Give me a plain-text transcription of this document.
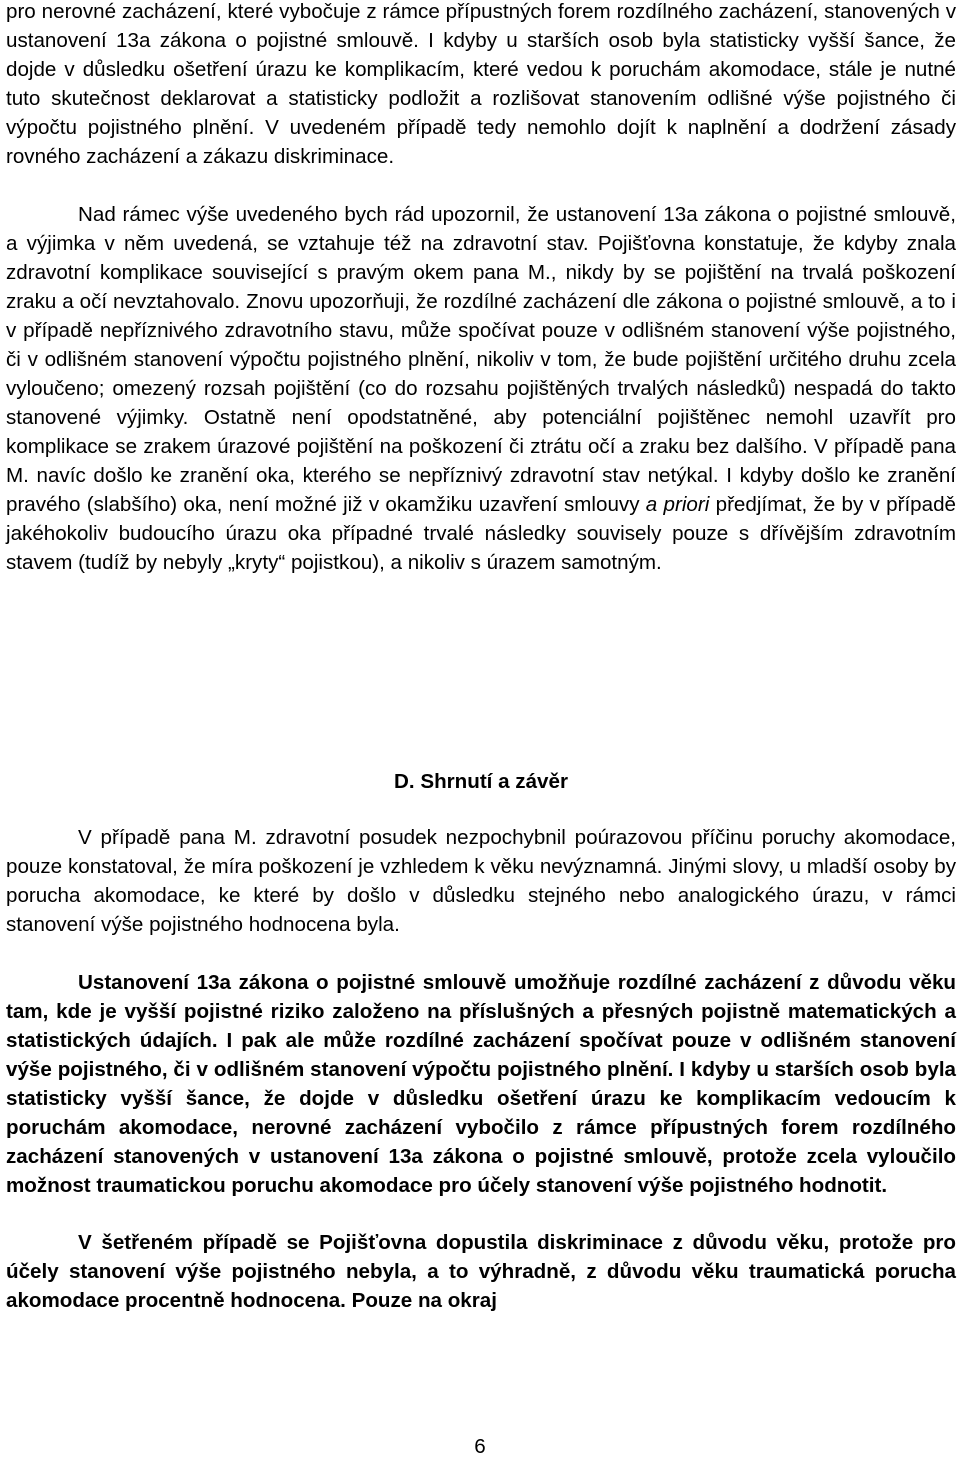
pro nerovné zacházení, které vybočuje z rámce přípustných forem rozdílného zacházení, stanovených v ustanovení 13a zákona o pojistné smlouvě. I kdyby u starších osob byla statisticky vyšší šance, že dojde v důsledku ošetření úrazu ke komplikacím, které vedou k poruchám akomodace, stále je nutné tuto skutečnost deklarovat a statisticky podložit a rozlišovat stanovením odlišné výše pojistného či výpočtu pojistného plnění. V uvedeném případě tedy nemohlo dojít k naplnění a dodržení zásady rovného zacházení a zákazu diskriminace.

Nad rámec výše uvedeného bych rád upozornil, že ustanovení 13a zákona o pojistné smlouvě, a výjimka v něm uvedená, se vztahuje též na zdravotní stav. Pojišťovna konstatuje, že kdyby znala zdravotní komplikace související s pravým okem pana M., nikdy by se pojištění na trvalá poškození zraku a očí nevztahovalo. Znovu upozorňuji, že rozdílné zacházení dle zákona o pojistné smlouvě, a to i v případě nepříznivého zdravotního stavu, může spočívat pouze v odlišném stanovení výše pojistného, či v odlišném stanovení výpočtu pojistného plnění, nikoliv v tom, že bude pojištění určitého druhu zcela vyloučeno; omezený rozsah pojištění (co do rozsahu pojištěných trvalých následků) nespadá do takto stanovené výjimky. Ostatně není opodstatněné, aby potenciální pojištěnec nemohl uzavřít pro komplikace se zrakem úrazové pojištění na poškození či ztrátu očí a zraku bez dalšího. V případě pana M. navíc došlo ke zranění oka, kterého se nepříznivý zdravotní stav netýkal. I kdyby došlo ke zranění pravého (slabšího) oka, není možné již v okamžiku uzavření smlouvy a priori předjímat, že by v případě jakéhokoliv budoucího úrazu oka případné trvalé následky souvisely pouze s dřívějším zdravotním stavem (tudíž by nebyly „kryty“ pojistkou), a nikoliv s úrazem samotným.

D. Shrnutí a závěr

V případě pana M. zdravotní posudek nezpochybnil poúrazovou příčinu poruchy akomodace, pouze konstatoval, že míra poškození je vzhledem k věku nevýznamná. Jinými slovy, u mladší osoby by porucha akomodace, ke které by došlo v důsledku stejného nebo analogického úrazu, v rámci stanovení výše pojistného hodnocena byla.

Ustanovení 13a zákona o pojistné smlouvě umožňuje rozdílné zacházení z důvodu věku tam, kde je vyšší pojistné riziko založeno na příslušných a přesných pojistně matematických a statistických údajích. I pak ale může rozdílné zacházení spočívat pouze v odlišném stanovení výše pojistného, či v odlišném stanovení výpočtu pojistného plnění. I kdyby u starších osob byla statisticky vyšší šance, že dojde v důsledku ošetření úrazu ke komplikacím vedoucím k poruchám akomodace, nerovné zacházení vybočilo z rámce přípustných forem rozdílného zacházení stanovených v ustanovení 13a zákona o pojistné smlouvě, protože zcela vyloučilo možnost traumatickou poruchu akomodace pro účely stanovení výše pojistného hodnotit.

V šetřeném případě se Pojišťovna dopustila diskriminace z důvodu věku, protože pro účely stanovení výše pojistného nebyla, a to výhradně, z důvodu věku traumatická porucha akomodace procentně hodnocena. Pouze na okraj

6
